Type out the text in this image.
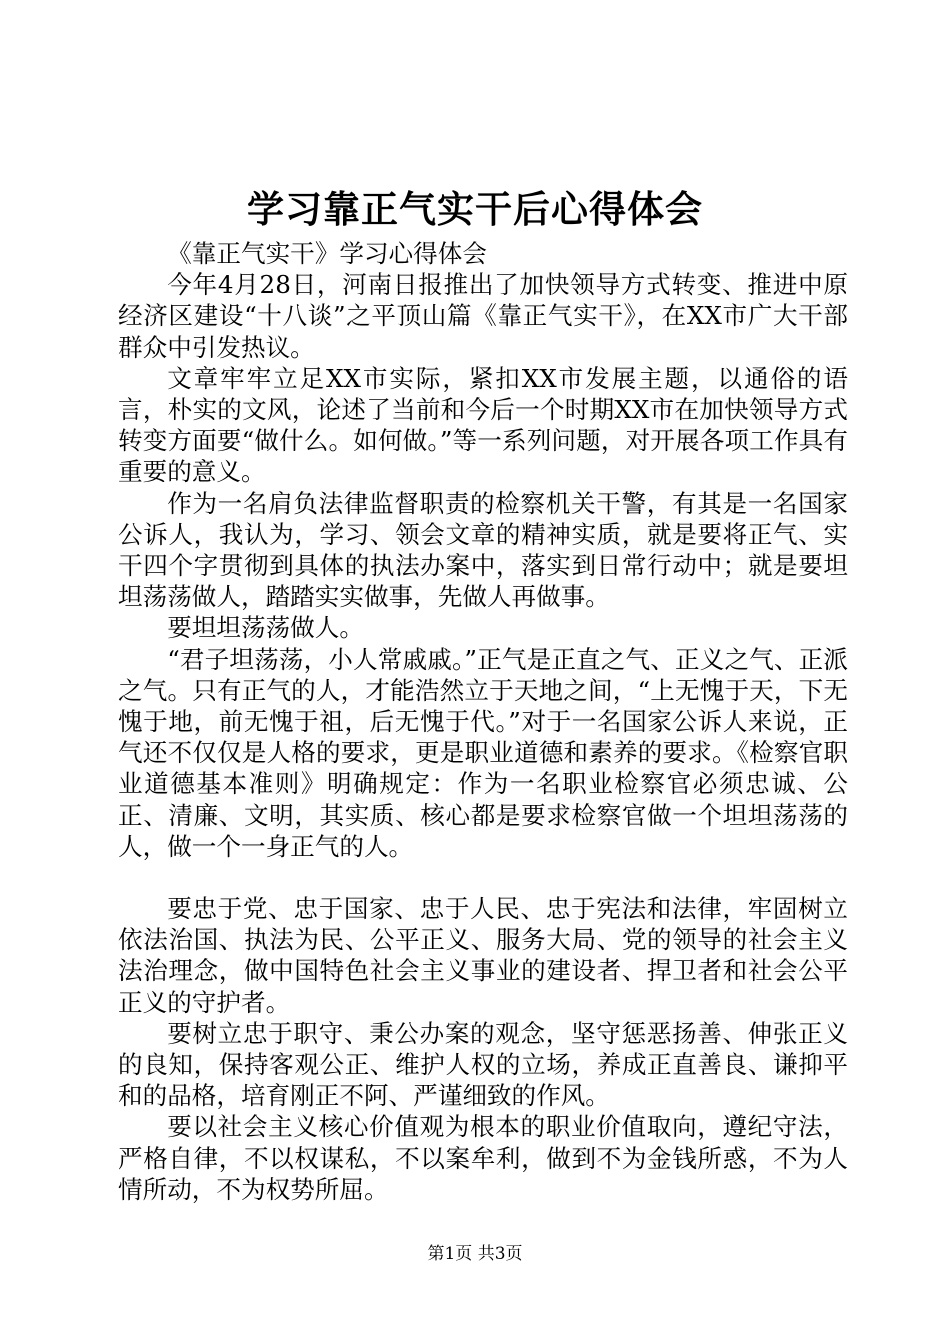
学习靠正气实干后心得体会

《靠正气实干》学习心得体会

今年4月28日，河南日报推出了加快领导方式转变、推进中原经济区建设“十八谈”之平顶山篇《靠正气实干》，在XX市广大干部群众中引发热议。

文章牢牢立足XX市实际，紧扣XX市发展主题，以通俗的语言，朴实的文风，论述了当前和今后一个时期XX市在加快领导方式转变方面要“做什么。如何做。”等一系列问题，对开展各项工作具有重要的意义。

作为一名肩负法律监督职责的检察机关干警，有其是一名国家公诉人，我认为，学习、领会文章的精神实质，就是要将正气、实干四个字贯彻到具体的执法办案中，落实到日常行动中；就是要坦坦荡荡做人，踏踏实实做事，先做人再做事。

要坦坦荡荡做人。

“君子坦荡荡，小人常戚戚。”正气是正直之气、正义之气、正派之气。只有正气的人，才能浩然立于天地之间，“上无愧于天，下无愧于地，前无愧于祖，后无愧于代。”对于一名国家公诉人来说，正气还不仅仅是人格的要求，更是职业道德和素养的要求。《检察官职业道德基本准则》明确规定：作为一名职业检察官必须忠诚、公正、清廉、文明，其实质、核心都是要求检察官做一个坦坦荡荡的人，做一个一身正气的人。

要忠于党、忠于国家、忠于人民、忠于宪法和法律，牢固树立依法治国、执法为民、公平正义、服务大局、党的领导的社会主义法治理念，做中国特色社会主义事业的建设者、捍卫者和社会公平正义的守护者。

要树立忠于职守、秉公办案的观念，坚守惩恶扬善、伸张正义的良知，保持客观公正、维护人权的立场，养成正直善良、谦抑平和的品格，培育刚正不阿、严谨细致的作风。

要以社会主义核心价值观为根本的职业价值取向，遵纪守法，严格自律，不以权谋私，不以案牟利，做到不为金钱所惑，不为人情所动，不为权势所屈。

第1页 共3页
